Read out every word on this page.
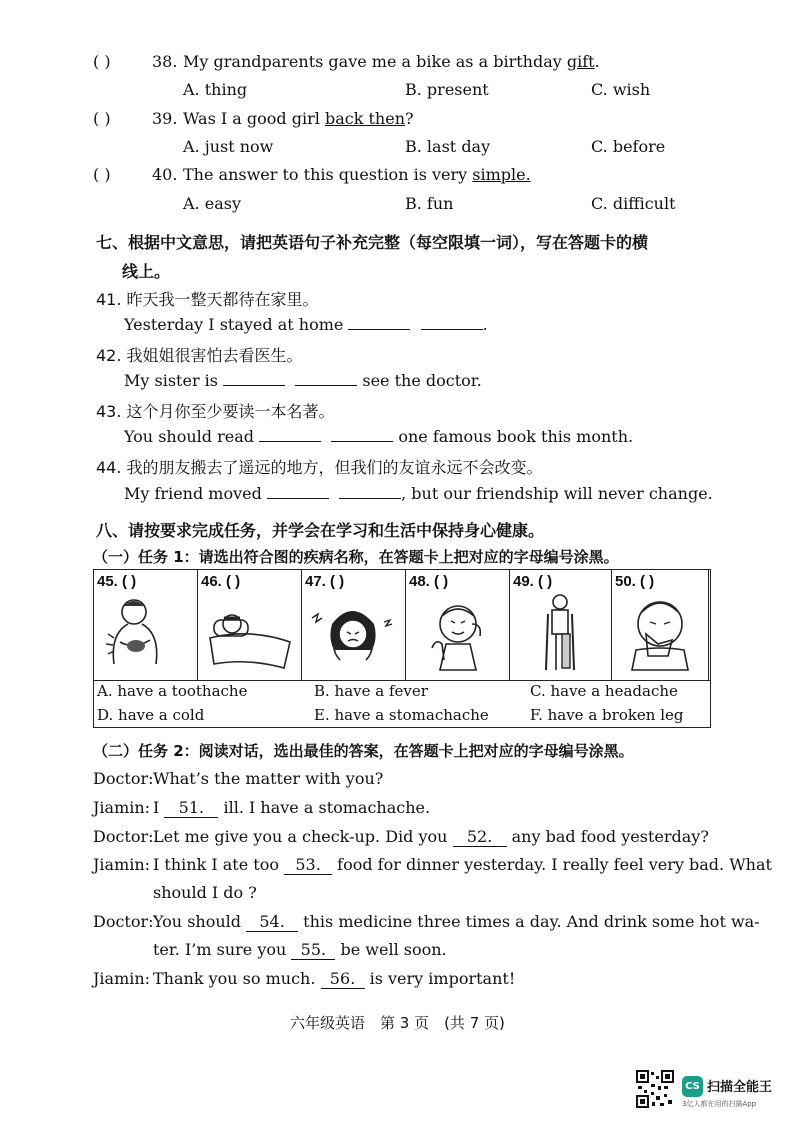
( )	38. My grandparents gave me a bike as a birthday gift.
A. thing	B. present	C. wish
( )	39. Was I a good girl back then?
A. just now	B. last day	C. before
( )	40. The answer to this question is very simple.
A. easy	B. fun	C. difficult
七、根据中文意思，请把英语句子补充完整（每空限填一词），写在答题卡的横
线上。
41. 昨天我一整天都待在家里。
Yesterday I stayed at home	.
42. 我姐姐很害怕去看医生。
My sister is	see the doctor.
43. 这个月你至少要读一本名著。
You should read	one famous book this month.
44. 我的朋友搬去了遥远的地方，但我们的友谊永远不会改变。
My friend moved	, but our friendship will never change.
八、请按要求完成任务，并学会在学习和生活中保持身心健康。
（一）任务 1：请选出符合图的疾病名称，在答题卡上把对应的字母编号涂黑。
45. ( )	46. ( )	47. ( )	48. ( )	49. ( )	50. ( )
A. have a toothache	B. have a fever	C. have a headache
D. have a cold	E. have a stomachache	F. have a broken leg
（二）任务 2：阅读对话，选出最佳的答案，在答题卡上把对应的字母编号涂黑。
Doctor: What’s the matter with you?
Jiamin: I 51. ill. I have a stomachache.
Doctor: Let me give you a check-up. Did you 52. any bad food yesterday?
Jiamin: I think I ate too 53. food for dinner yesterday. I really feel very bad. What
should I do ?
Doctor: You should 54. this medicine three times a day. And drink some hot wa-
ter. I’m sure you 55. be well soon.
Jiamin: Thank you so much. 56. is very important!
六年级英语　第 3 页　(共 7 页)
CS 扫描全能王
3亿人都在用的扫描App
